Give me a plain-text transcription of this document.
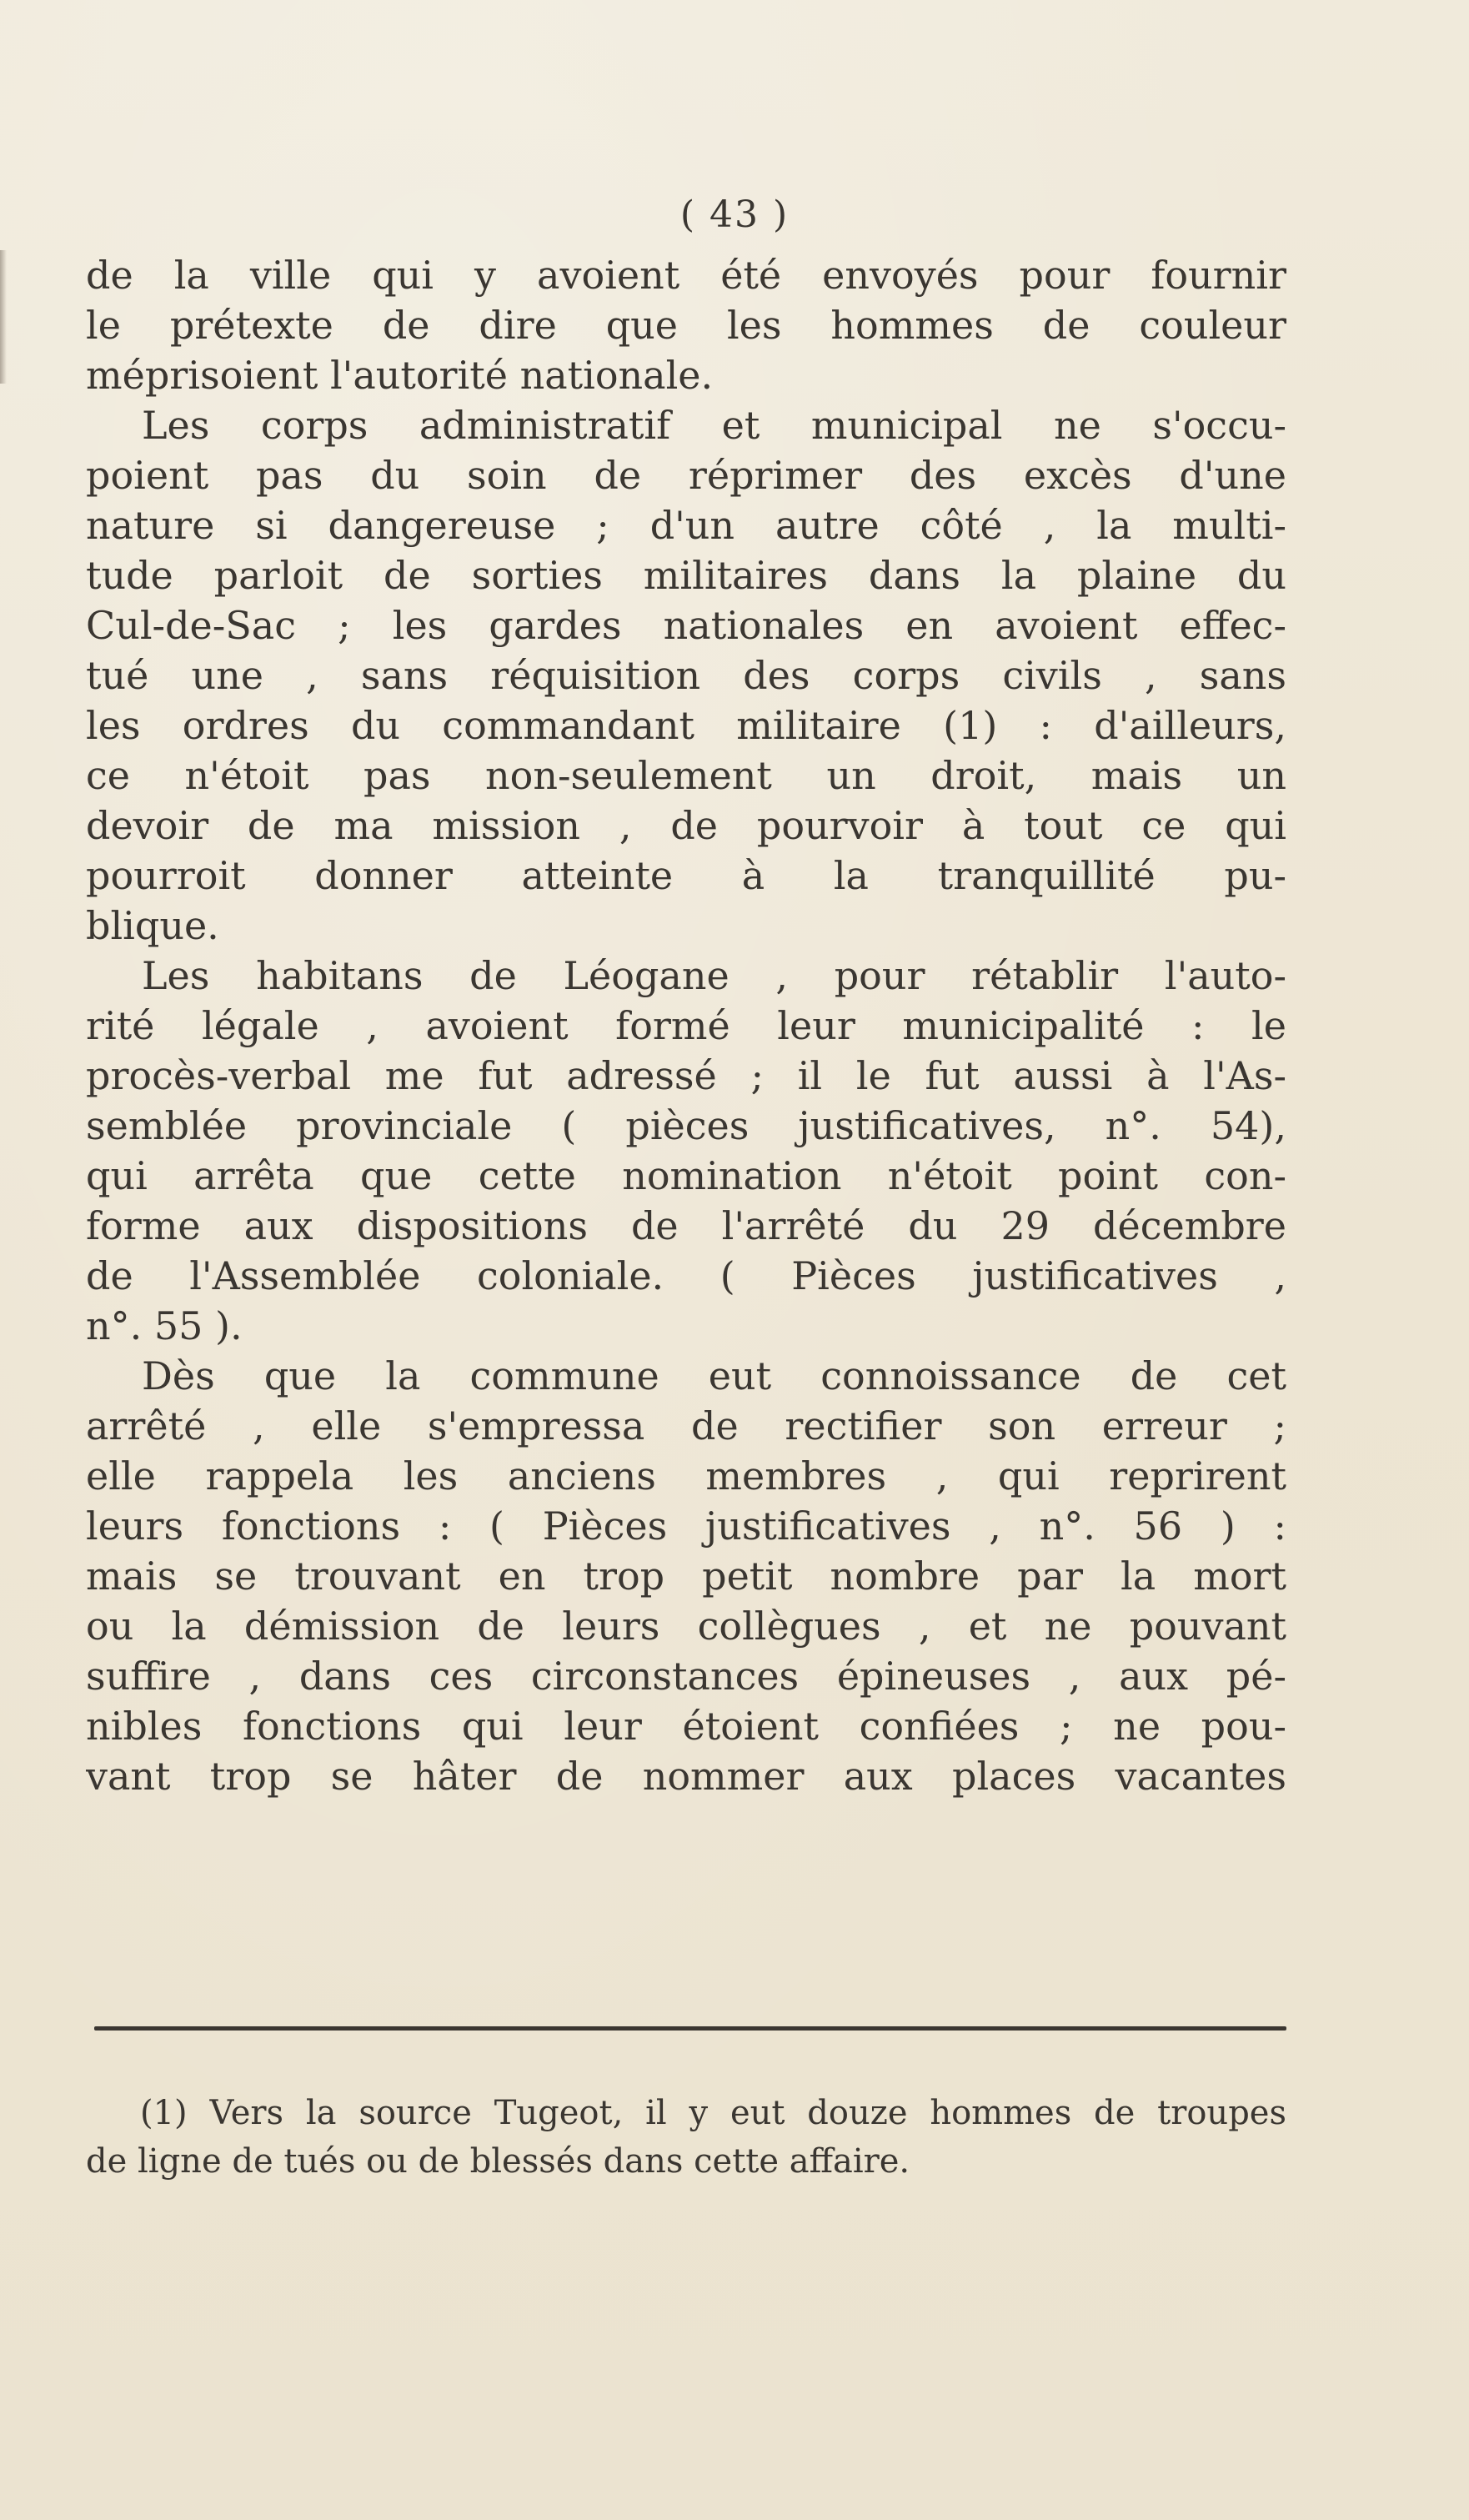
( 43 )
de la ville qui y avoient été envoyés pour fournir
le prétexte de dire que les hommes de couleur
méprisoient l'autorité nationale.
Les corps administratif et municipal ne s'occu-
poient pas du soin de réprimer des excès d'une
nature si dangereuse ; d'un autre côté , la multi-
tude parloit de sorties militaires dans la plaine du
Cul-de-Sac ; les gardes nationales en avoient effec-
tué une , sans réquisition des corps civils , sans
les ordres du commandant militaire (1) : d'ailleurs,
ce n'étoit pas non-seulement un droit, mais un
devoir de ma mission , de pourvoir à tout ce qui
pourroit donner atteinte à la tranquillité pu-
blique.
Les habitans de Léogane , pour rétablir l'auto-
rité légale , avoient formé leur municipalité : le
procès-verbal me fut adressé ; il le fut aussi à l'As-
semblée provinciale ( pièces justificatives, n°. 54),
qui arrêta que cette nomination n'étoit point con-
forme aux dispositions de l'arrêté du 29 décembre
de l'Assemblée coloniale. ( Pièces justificatives ,
n°. 55 ).
Dès que la commune eut connoissance de cet
arrêté , elle s'empressa de rectifier son erreur ;
elle rappela les anciens membres , qui reprirent
leurs fonctions : ( Pièces justificatives , n°. 56 ) :
mais se trouvant en trop petit nombre par la mort
ou la démission de leurs collègues , et ne pouvant
suffire , dans ces circonstances épineuses , aux pé-
nibles fonctions qui leur étoient confiées ; ne pou-
vant trop se hâter de nommer aux places vacantes
(1) Vers la source Tugeot, il y eut douze hommes de troupes
de ligne de tués ou de blessés dans cette affaire.
